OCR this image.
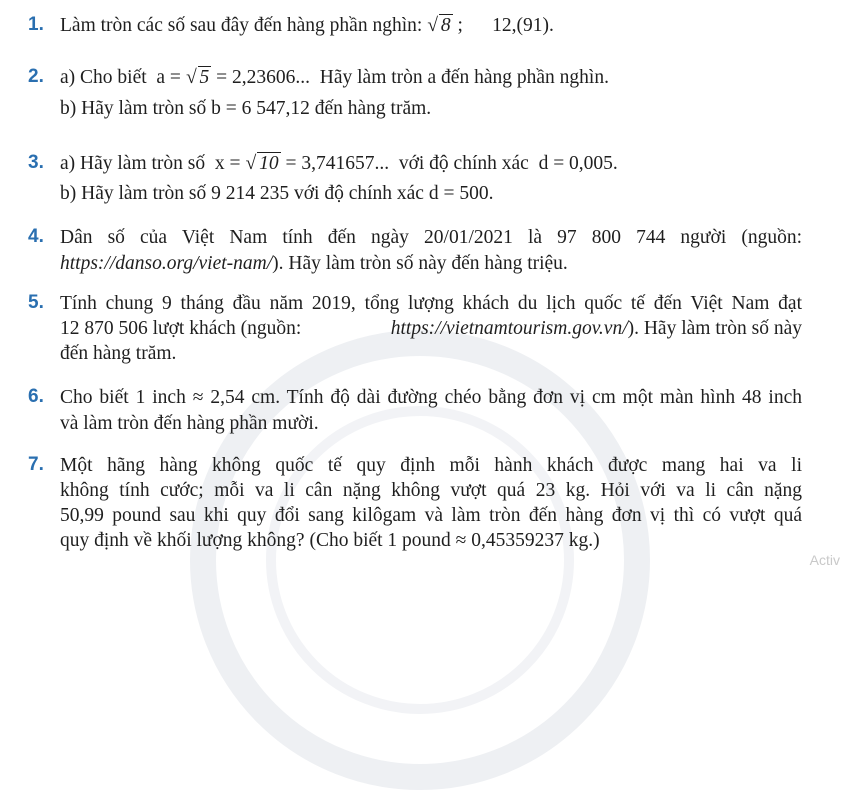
1. Làm tròn các số sau đây đến hàng phần nghìn: √ 8 ;      12,(91).
2. a) Cho biết  a = √ 5 = 2,23606...  Hãy làm tròn a đến hàng phần nghìn.
b) Hãy làm tròn số b = 6 547,12 đến hàng trăm.
3. a) Hãy làm tròn số  x = √ 10 = 3,741657...  với độ chính xác  d = 0,005.
b) Hãy làm tròn số 9 214 235 với độ chính xác d = 500.
4. Dân số của Việt Nam tính đến ngày 20/01/2021 là 97 800 744 người (nguồn:
https://danso.org/viet-nam/). Hãy làm tròn số này đến hàng triệu.
5. Tính chung 9 tháng đầu năm 2019, tổng lượng khách du lịch quốc tế đến Việt Nam đạt
12 870 506 lượt khách (nguồn:	https://vietnamtourism.gov.vn/). Hãy làm tròn số này
đến hàng trăm.
6. Cho biết 1 inch ≈ 2,54 cm. Tính độ dài đường chéo bằng đơn vị cm một màn hình 48 inch
và làm tròn đến hàng phần mười.
7. Một hãng hàng không quốc tế quy định mỗi hành khách được mang hai va li
không tính cước; mỗi va li cân nặng không vượt quá 23 kg. Hỏi với va li cân nặng
50,99 pound sau khi quy đổi sang kilôgam và làm tròn đến hàng đơn vị thì có vượt quá
quy định về khối lượng không? (Cho biết 1 pound ≈ 0,45359237 kg.)
Activ
